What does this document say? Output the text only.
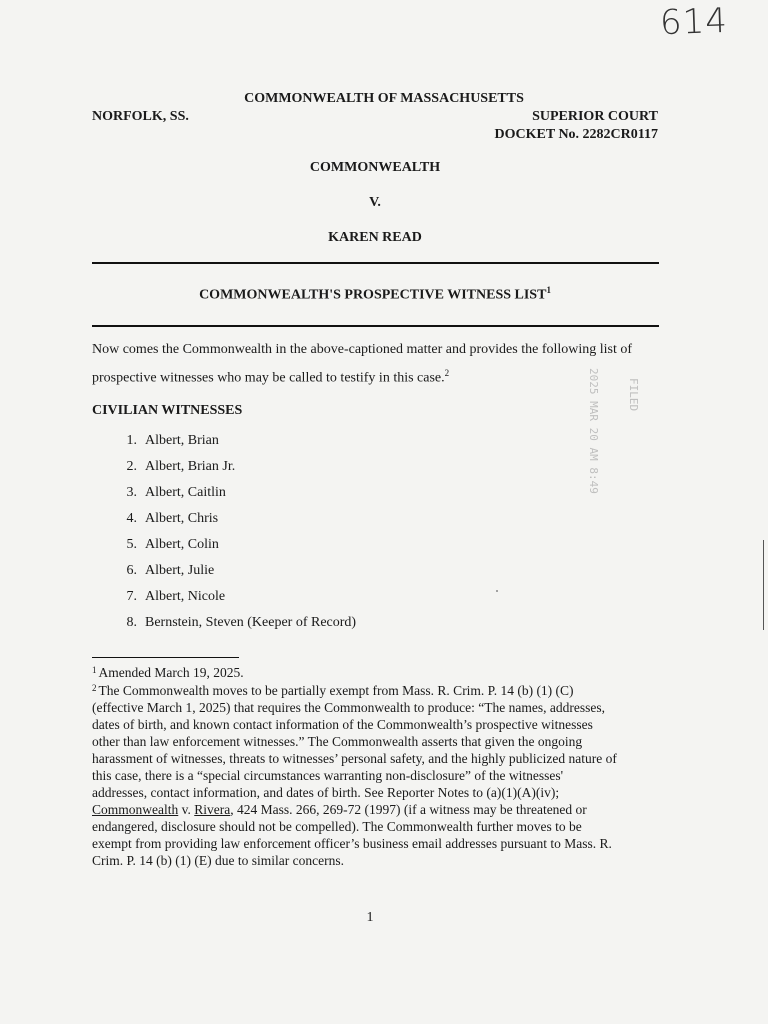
614
COMMONWEALTH OF MASSACHUSETTS
NORFOLK, SS.	SUPERIOR COURT
DOCKET No. 2282CR0117
COMMONWEALTH
V.
KAREN READ
COMMONWEALTH'S PROSPECTIVE WITNESS LIST$^1$
Now comes the Commonwealth in the above-captioned matter and provides the following list of
prospective witnesses who may be called to testify in this case.$^2$
CIVILIAN WITNESSES
1. Albert, Brian
2. Albert, Brian Jr.
3. Albert, Caitlin
4. Albert, Chris
5. Albert, Colin
6. Albert, Julie
7. Albert, Nicole
8. Bernstein, Steven (Keeper of Record)
2025 MAR 20 AM 8:49 FILED
$^1$ Amended March 19, 2025.
$^2$ The Commonwealth moves to be partially exempt from Mass. R. Crim. P. 14 (b) (1) (C)
(effective March 1, 2025) that requires the Commonwealth to produce: “The names, addresses,
dates of birth, and known contact information of the Commonwealth’s prospective witnesses
other than law enforcement witnesses.” The Commonwealth asserts that given the ongoing
harassment of witnesses, threats to witnesses’ personal safety, and the highly publicized nature of
this case, there is a “special circumstances warranting non-disclosure” of the witnesses'
addresses, contact information, and dates of birth. See Reporter Notes to (a)(1)(A)(iv);
Commonwealth v. Rivera, 424 Mass. 266, 269-72 (1997) (if a witness may be threatened or
endangered, disclosure should not be compelled). The Commonwealth further moves to be
exempt from providing law enforcement officer’s business email addresses pursuant to Mass. R.
Crim. P. 14 (b) (1) (E) due to similar concerns.
1
